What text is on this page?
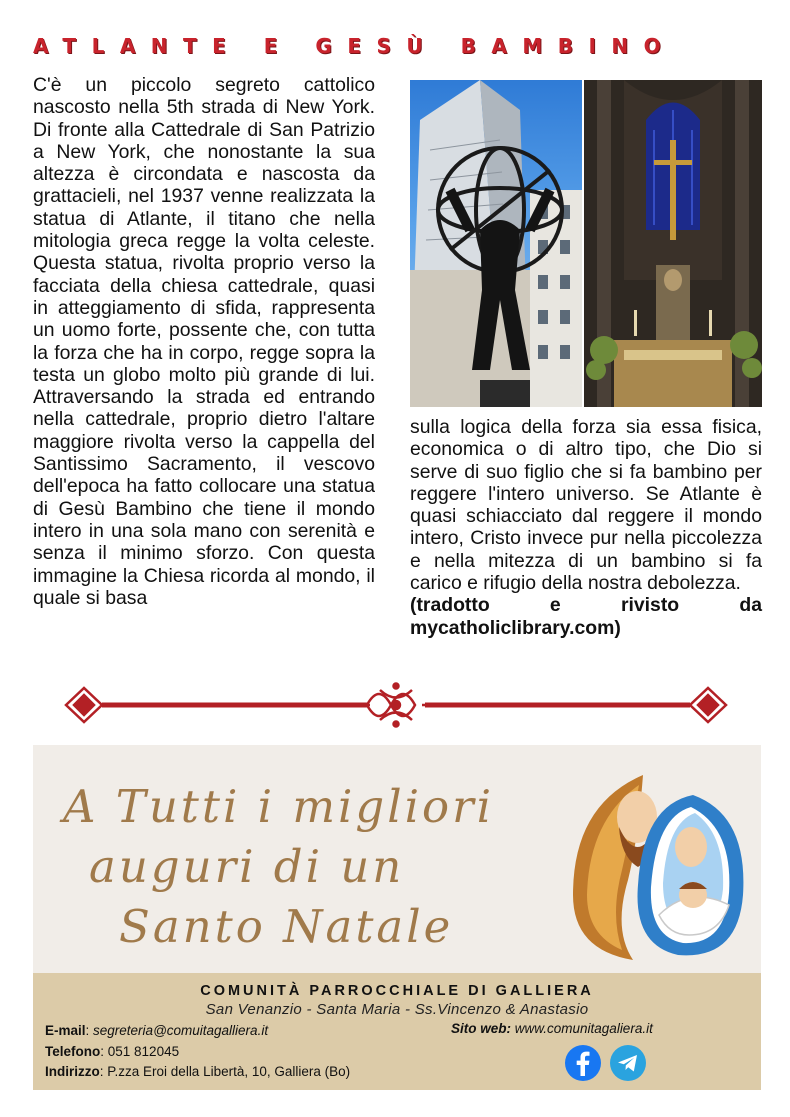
ATLANTE E GESÙ BAMBINO
C'è un piccolo segreto cattolico nascosto nella 5th strada di New York. Di fronte alla Cattedrale di San Patrizio a New York, che nonostante la sua altezza è circondata e nascosta da grattacieli, nel 1937 venne realizzata la statua di Atlante, il titano che nella mitologia greca regge la volta celeste. Questa statua, rivolta proprio verso la facciata della chiesa cattedrale, quasi in atteggiamento di sfida, rappresenta un uomo forte, possente che, con tutta la forza che ha in corpo, regge sopra la testa un globo molto più grande di lui. Attraversando la strada ed entrando nella cattedrale, proprio dietro l'altare maggiore rivolta verso la cappella del Santissimo Sacramento, il vescovo dell'epoca ha fatto collocare una statua di Gesù Bambino che tiene il mondo intero in una sola mano con serenità e senza il minimo sforzo. Con questa immagine la Chiesa ricorda al mondo, il quale si basa
sulla logica della forza sia essa fisica, economica o di altro tipo, che Dio si serve di suo figlio che si fa bambino per reggere l'intero universo. Se Atlante è quasi schiacciato dal reggere il mondo intero, Cristo invece pur nella piccolezza e nella mitezza di un bambino si fa carico e rifugio della nostra debolezza.
(tradotto e rivisto da
mycatholiclibrary.com)
A Tutti i migliori
auguri di un
Santo Natale
COMUNITÀ PARROCCHIALE DI GALLIERA
San Venanzio - Santa Maria - Ss.Vincenzo & Anastasio
E-mail: segreteria@comuitagalliera.it
Telefono: 051 812045
Indirizzo: P.zza Eroi della Libertà, 10, Galliera (Bo)
Sito web: www.comunitagaliera.it
